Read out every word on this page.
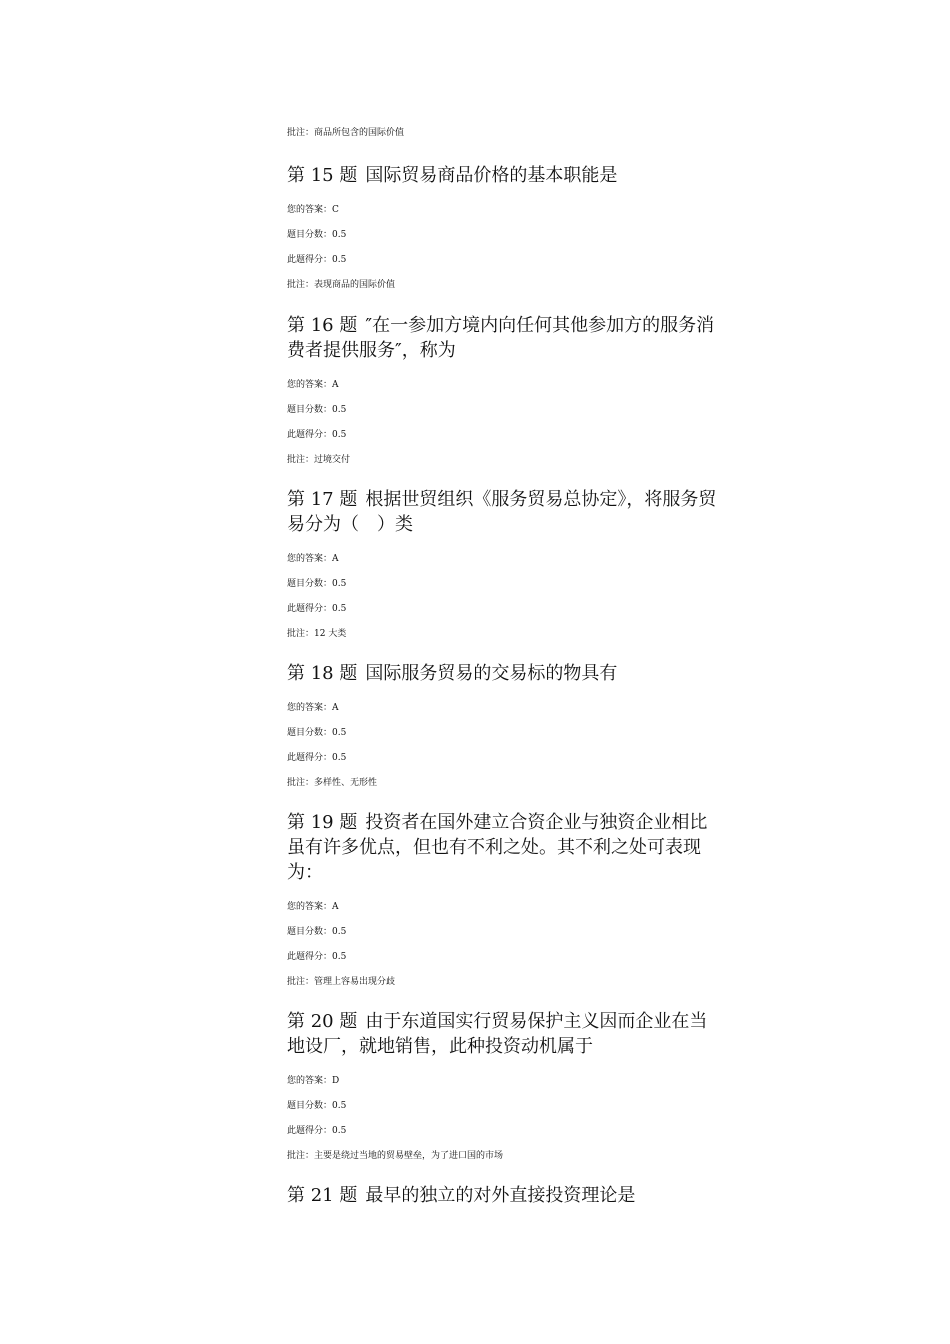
批注：商品所包含的国际价值

第 15 题 国际贸易商品价格的基本职能是

您的答案：C

题目分数：0.5

此题得分：0.5

批注：表现商品的国际价值

第 16 题 ″在一参加方境内向任何其他参加方的服务消费者提供服务″，称为

您的答案：A

题目分数：0.5

此题得分：0.5

批注：过境交付

第 17 题 根据世贸组织《服务贸易总协定》，将服务贸易分为（　）类

您的答案：A

题目分数：0.5

此题得分：0.5

批注：12 大类

第 18 题 国际服务贸易的交易标的物具有

您的答案：A

题目分数：0.5

此题得分：0.5

批注：多样性、无形性

第 19 题 投资者在国外建立合资企业与独资企业相比虽有许多优点，但也有不利之处。其不利之处可表现为：

您的答案：A

题目分数：0.5

此题得分：0.5

批注：管理上容易出现分歧

第 20 题 由于东道国实行贸易保护主义因而企业在当地设厂，就地销售，此种投资动机属于

您的答案：D

题目分数：0.5

此题得分：0.5

批注：主要是绕过当地的贸易壁垒，为了进口国的市场

第 21 题 最早的独立的对外直接投资理论是
